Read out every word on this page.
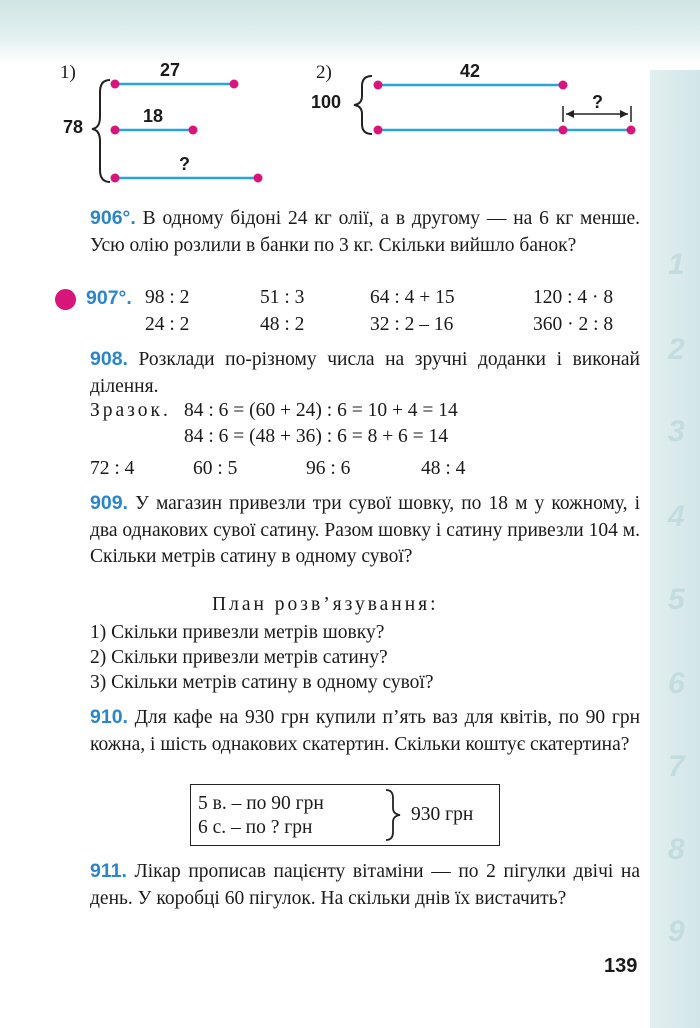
1
2
3
4
5
6
7
8
9
1)
78
27
18
?
2)
100
42
?
906°. В одному бідоні 24 кг олії, а в другому — на 6 кг менше. Усю олію розлили в банки по 3 кг. Скільки вийшло банок?
907°. 98 : 2	51 : 3	64 : 4 + 15	120 : 4 · 8
24 : 2	48 : 2	32 : 2 – 16	360 · 2 : 8
908. Розклади по-різному числа на зручні доданки і виконай ділення.
Зразок. 84 : 6 = (60 + 24) : 6 = 10 + 4 = 14
84 : 6 = (48 + 36) : 6 = 8 + 6 = 14
72 : 4	60 : 5	96 : 6	48 : 4
909. У магазин привезли три сувої шовку, по 18 м у кожному, і два однакових сувої сатину. Разом шовку і сатину привезли 104 м. Скільки метрів сатину в одному сувої?
План розв’язування:
1) Скільки привезли метрів шовку?
2) Скільки привезли метрів сатину?
3) Скільки метрів сатину в одному сувої?
910. Для кафе на 930 грн купили п’ять ваз для квітів, по 90 грн кожна, і шість однакових скатертин. Скільки коштує скатертина?
5 в. – по 90 грн
6 с. – по ? грн
930 грн
911. Лікар прописав пацієнту вітаміни — по 2 пігулки двічі на день. У коробці 60 пігулок. На скільки днів їх вистачить?
139
